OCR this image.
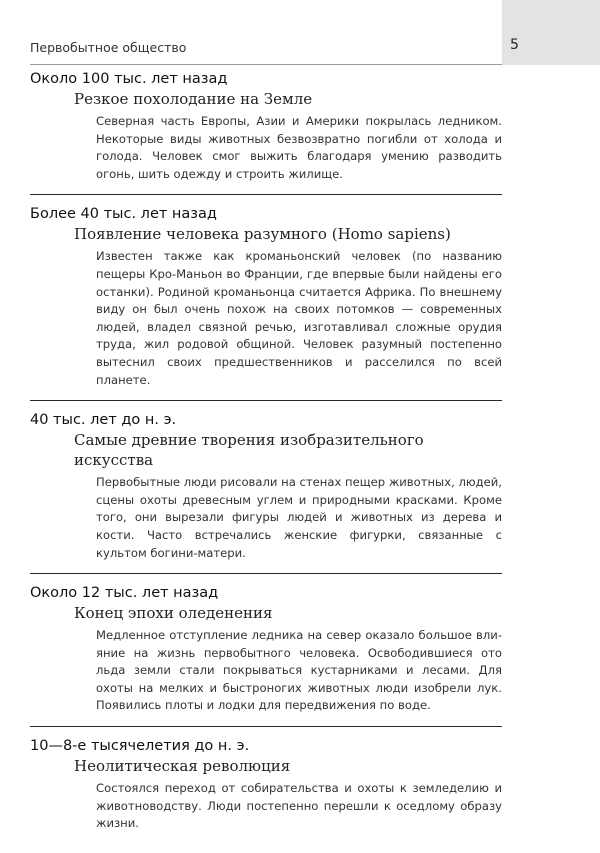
5
Первобытное общество
Около 100 тыс. лет назад
Резкое похолодание на Земле
Северная часть Европы, Азии и Америки покрылась ледником. Некоторые виды животных безвозвратно погибли от холода и голода. Человек смог выжить благодаря умению разводить огонь, шить одежду и строить жилище.
Более 40 тыс. лет назад
Появление человека разумного (Homo sapiens)
Известен также как кроманьонский человек (по названию пещеры Кро-Маньон во Франции, где впервые были найдены его останки). Родиной кроманьонца считается Африка. По внешнему виду он был очень похож на своих потомков — современных людей, владел связной речью, изготавливал сложные орудия труда, жил родовой общиной. Человек разумный постепенно вытеснил своих предшественников и расселился по всей планете.
40 тыс. лет до н. э.
Самые древние творения изобразительного искусства
Первобытные люди рисовали на стенах пещер животных, людей, сцены охоты древесным углем и природными красками. Кроме того, они вырезали фигуры людей и животных из дерева и кости. Часто встречались женские фигурки, связанные с культом богини-матери.
Около 12 тыс. лет назад
Конец эпохи оледенения
Медленное отступление ледника на север оказало большое влияние на жизнь первобытного человека. Освободившиеся ото льда земли стали покрываться кустарниками и лесами. Для охоты на мелких и быстроногих животных люди изобрели лук. Появились плоты и лодки для передвижения по воде.
10—8-е тысячелетия до н. э.
Неолитическая революция
Состоялся переход от собирательства и охоты к земледелию и животноводству. Люди постепенно перешли к оседлому образу жизни.
